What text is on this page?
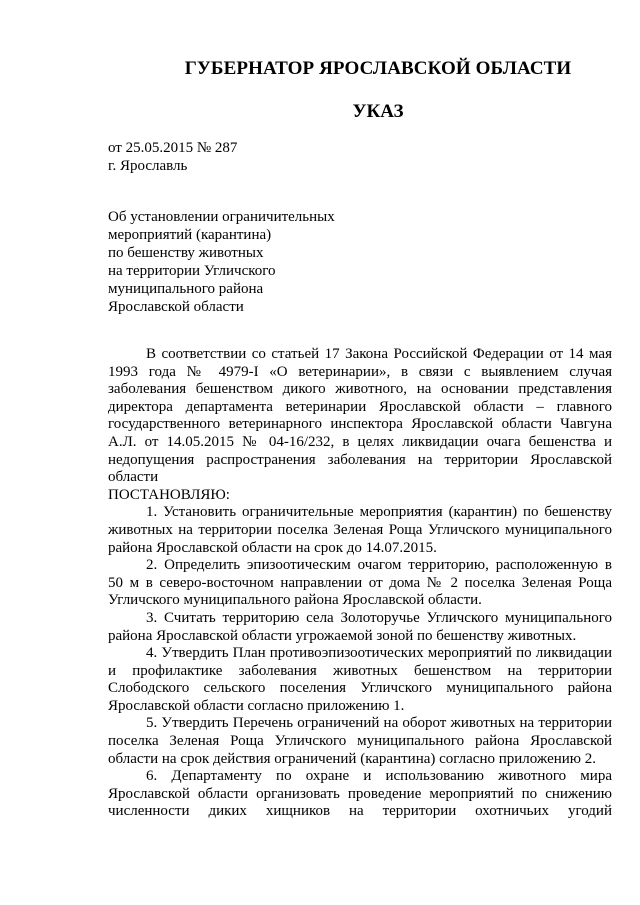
ГУБЕРНАТОР ЯРОСЛАВСКОЙ ОБЛАСТИ
УКАЗ
от 25.05.2015 № 287
г. Ярославль
Об установлении ограничительных
мероприятий (карантина)
по бешенству животных
на территории Угличского
муниципального района
Ярославской области

В соответствии со статьей 17 Закона Российской Федерации от 14 мая 1993 года № 4979-I «О ветеринарии», в связи с выявлением случая заболевания бешенством дикого животного, на основании представления директора департамента ветеринарии Ярославской области – главного государственного ветеринарного инспектора Ярославской области Чавгуна А.Л. от 14.05.2015 № 04-16/232, в целях ликвидации очага бешенства и недопущения распространения заболевания на территории Ярославской области

ПОСТАНОВЛЯЮ:

1. Установить ограничительные мероприятия (карантин) по бешенству животных на территории поселка Зеленая Роща Угличского муниципального района Ярославской области на срок до 14.07.2015.

2. Определить эпизоотическим очагом территорию, расположенную в 50 м в северо-восточном направлении от дома № 2 поселка Зеленая Роща Угличского муниципального района Ярославской области.

3. Считать территорию села Золоторучье Угличского муниципального района Ярославской области угрожаемой зоной по бешенству животных.

4. Утвердить План противоэпизоотических мероприятий по ликвидации и профилактике заболевания животных бешенством на территории Слободского сельского поселения Угличского муниципального района Ярославской области согласно приложению 1.

5. Утвердить Перечень ограничений на оборот животных на территории поселка Зеленая Роща Угличского муниципального района Ярославской области на срок действия ограничений (карантина) согласно приложению 2.

6. Департаменту по охране и использованию животного мира Ярославской области организовать проведение мероприятий по снижению численности диких хищников на территории охотничьих угодий
